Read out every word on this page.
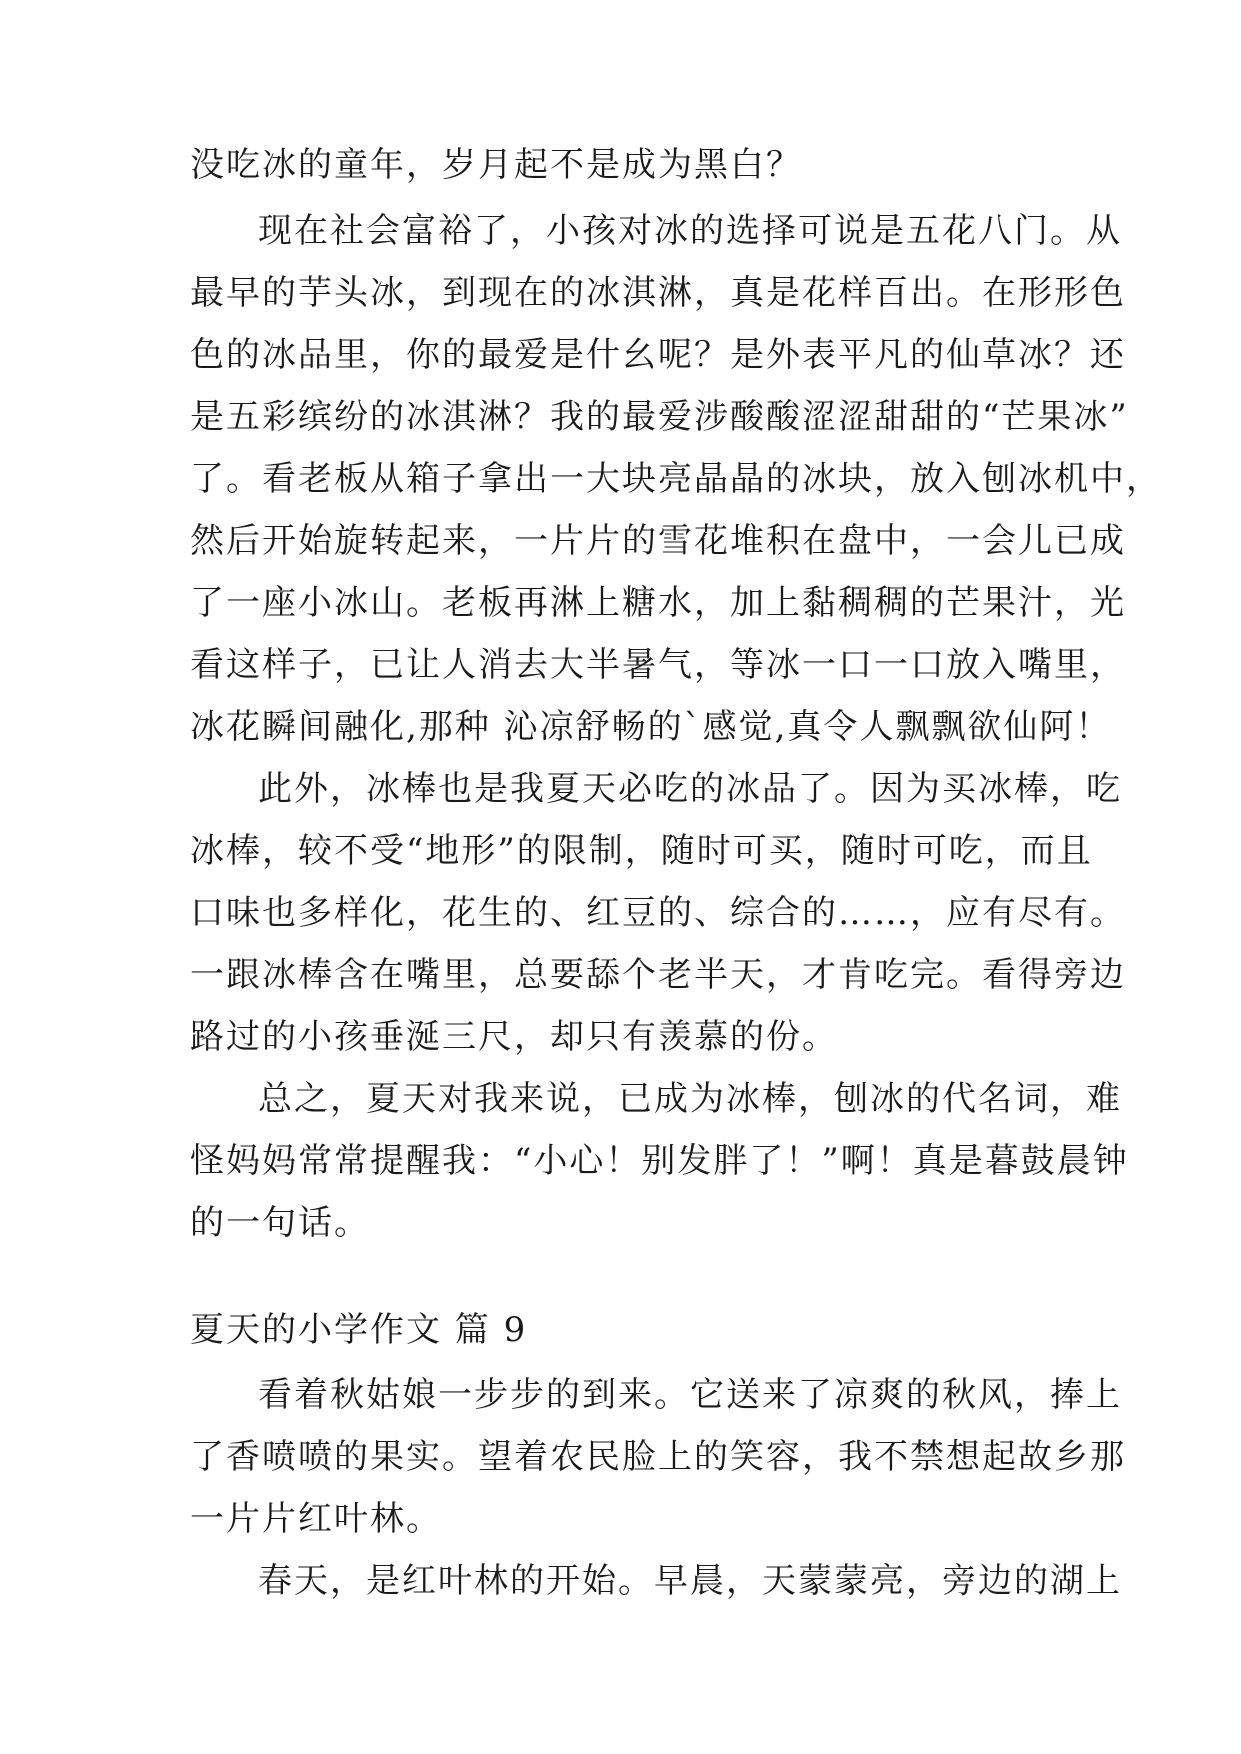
没吃冰的童年，岁月起不是成为黑白？
现在社会富裕了，小孩对冰的选择可说是五花八门。从
最早的芋头冰，到现在的冰淇淋，真是花样百出。在形形色
色的冰品里，你的最爱是什幺呢？是外表平凡的仙草冰？还
是五彩缤纷的冰淇淋？我的最爱涉酸酸涩涩甜甜的“芒果冰”
了。看老板从箱子拿出一大块亮晶晶的冰块，放入刨冰机中，
然后开始旋转起来，一片片的雪花堆积在盘中，一会儿已成
了一座小冰山。老板再淋上糖水，加上黏稠稠的芒果汁，光
看这样子，已让人消去大半暑气，等冰一口一口放入嘴里，
冰花瞬间融化,那种 沁凉舒畅的`感觉,真令人飘飘欲仙阿！
此外，冰棒也是我夏天必吃的冰品了。因为买冰棒，吃
冰棒，较不受“地形”的限制，随时可买，随时可吃，而且
口味也多样化，花生的、红豆的、综合的……，应有尽有。
一跟冰棒含在嘴里，总要舔个老半天，才肯吃完。看得旁边
路过的小孩垂涎三尺，却只有羡慕的份。
总之，夏天对我来说，已成为冰棒，刨冰的代名词，难
怪妈妈常常提醒我：“小心！别发胖了！”啊！真是暮鼓晨钟
的一句话。
夏天的小学作文 篇 9
看着秋姑娘一步步的到来。它送来了凉爽的秋风，捧上
了香喷喷的果实。望着农民脸上的笑容，我不禁想起故乡那
一片片红叶林。
春天，是红叶林的开始。早晨，天蒙蒙亮，旁边的湖上
